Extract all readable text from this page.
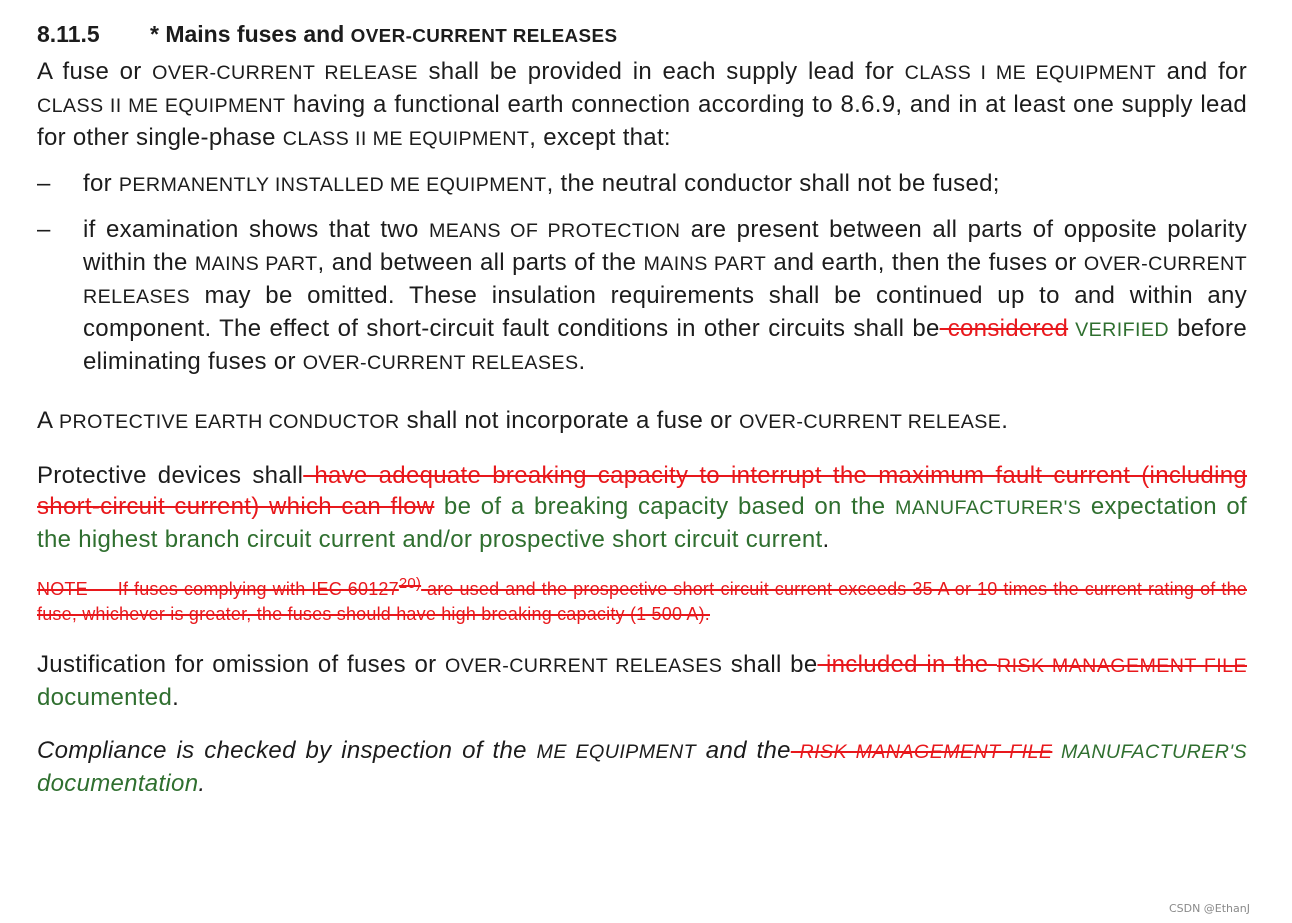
8.11.5 * Mains fuses and OVER-CURRENT RELEASES

A fuse or OVER-CURRENT RELEASE shall be provided in each supply lead for CLASS I ME EQUIPMENT and for CLASS II ME EQUIPMENT having a functional earth connection according to 8.6.9, and in at least one supply lead for other single-phase CLASS II ME EQUIPMENT, except that:

– for PERMANENTLY INSTALLED ME EQUIPMENT, the neutral conductor shall not be fused;
– if examination shows that two MEANS OF PROTECTION are present between all parts of opposite polarity within the MAINS PART, and between all parts of the MAINS PART and earth, then the fuses or OVER-CURRENT RELEASES may be omitted. These insulation requirements shall be continued up to and within any component. The effect of short-circuit fault conditions in other circuits shall be considered VERIFIED before eliminating fuses or OVER-CURRENT RELEASES.

A PROTECTIVE EARTH CONDUCTOR shall not incorporate a fuse or OVER-CURRENT RELEASE.

Protective devices shall have adequate breaking capacity to interrupt the maximum fault current (including short-circuit current) which can flow be of a breaking capacity based on the MANUFACTURER'S expectation of the highest branch circuit current and/or prospective short circuit current.

NOTE — If fuses complying with IEC 60127$^{20)}$ are used and the prospective short-circuit current exceeds 35 A or 10 times the current rating of the fuse, whichever is greater, the fuses should have high breaking capacity (1 500 A).

Justification for omission of fuses or OVER-CURRENT RELEASES shall be included in the RISK MANAGEMENT FILE documented.

Compliance is checked by inspection of the ME EQUIPMENT and the RISK MANAGEMENT FILE MANUFACTURER'S documentation.

CSDN @EthanJ
